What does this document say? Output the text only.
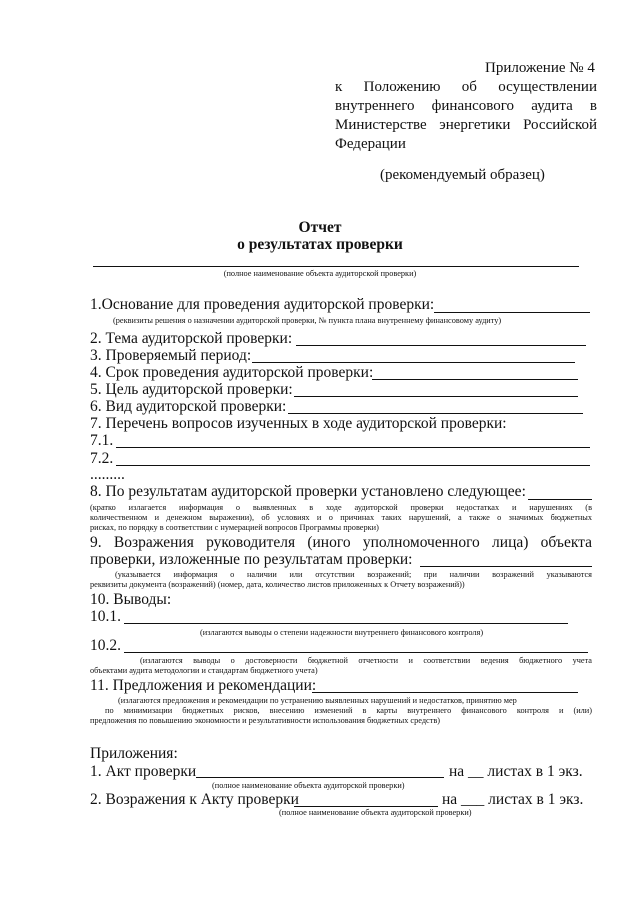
Приложение № 4
к Положению об осуществлении
внутреннего финансового аудита в
Министерстве энергетики Российской
Федерации
(рекомендуемый образец)
Отчет
о результатах проверки
(полное наименование объекта аудиторской проверки)
1.Основание для проведения аудиторской проверки:
(реквизиты решения о назначении аудиторской проверки, № пункта плана внутреннему финансовому аудиту)
2. Тема аудиторской проверки:
3. Проверяемый период:
4. Срок проведения аудиторской проверки:
5. Цель аудиторской проверки:
6. Вид аудиторской проверки:
7. Перечень вопросов изученных в ходе аудиторской проверки:
7.1.
7.2.
.........
8. По результатам аудиторской проверки установлено следующее:
(кратко излагается информация о выявленных в ходе аудиторской проверки недостатках и нарушениях (в
количественном и денежном выражении), об условиях и о причинах таких нарушений, а также о значимых бюджетных
рисках, по порядку в соответствии с нумерацией вопросов Программы проверки)
9. Возражения руководителя (иного уполномоченного лица) объекта
проверки, изложенные по результатам проверки:
(указывается информация о наличии или отсутствии возражений; при наличии возражений указываются
реквизиты документа (возражений) (номер, дата, количество листов приложенных к Отчету возражений))
10. Выводы:
10.1.
(излагаются выводы о степени надежности внутреннего финансового контроля)
10.2.
(излагаются выводы о достоверности бюджетной отчетности и соответствии ведения бюджетного учета
объектами аудита методологии и стандартам бюджетного учета)
11. Предложения и рекомендации:
(излагаются предложения и рекомендации по устранению выявленных нарушений и недостатков, принятию мер
по минимизации бюджетных рисков, внесению изменений в карты внутреннего финансового контроля и (или)
предложения по повышению экономности и результативности использования бюджетных средств)
Приложения:
1. Акт проверки	на __ листах в 1 экз.
(полное наименование объекта аудиторской проверки)
2. Возражения к Акту проверки	на ___ листах в 1 экз.
(полное наименование объекта аудиторской проверки)
